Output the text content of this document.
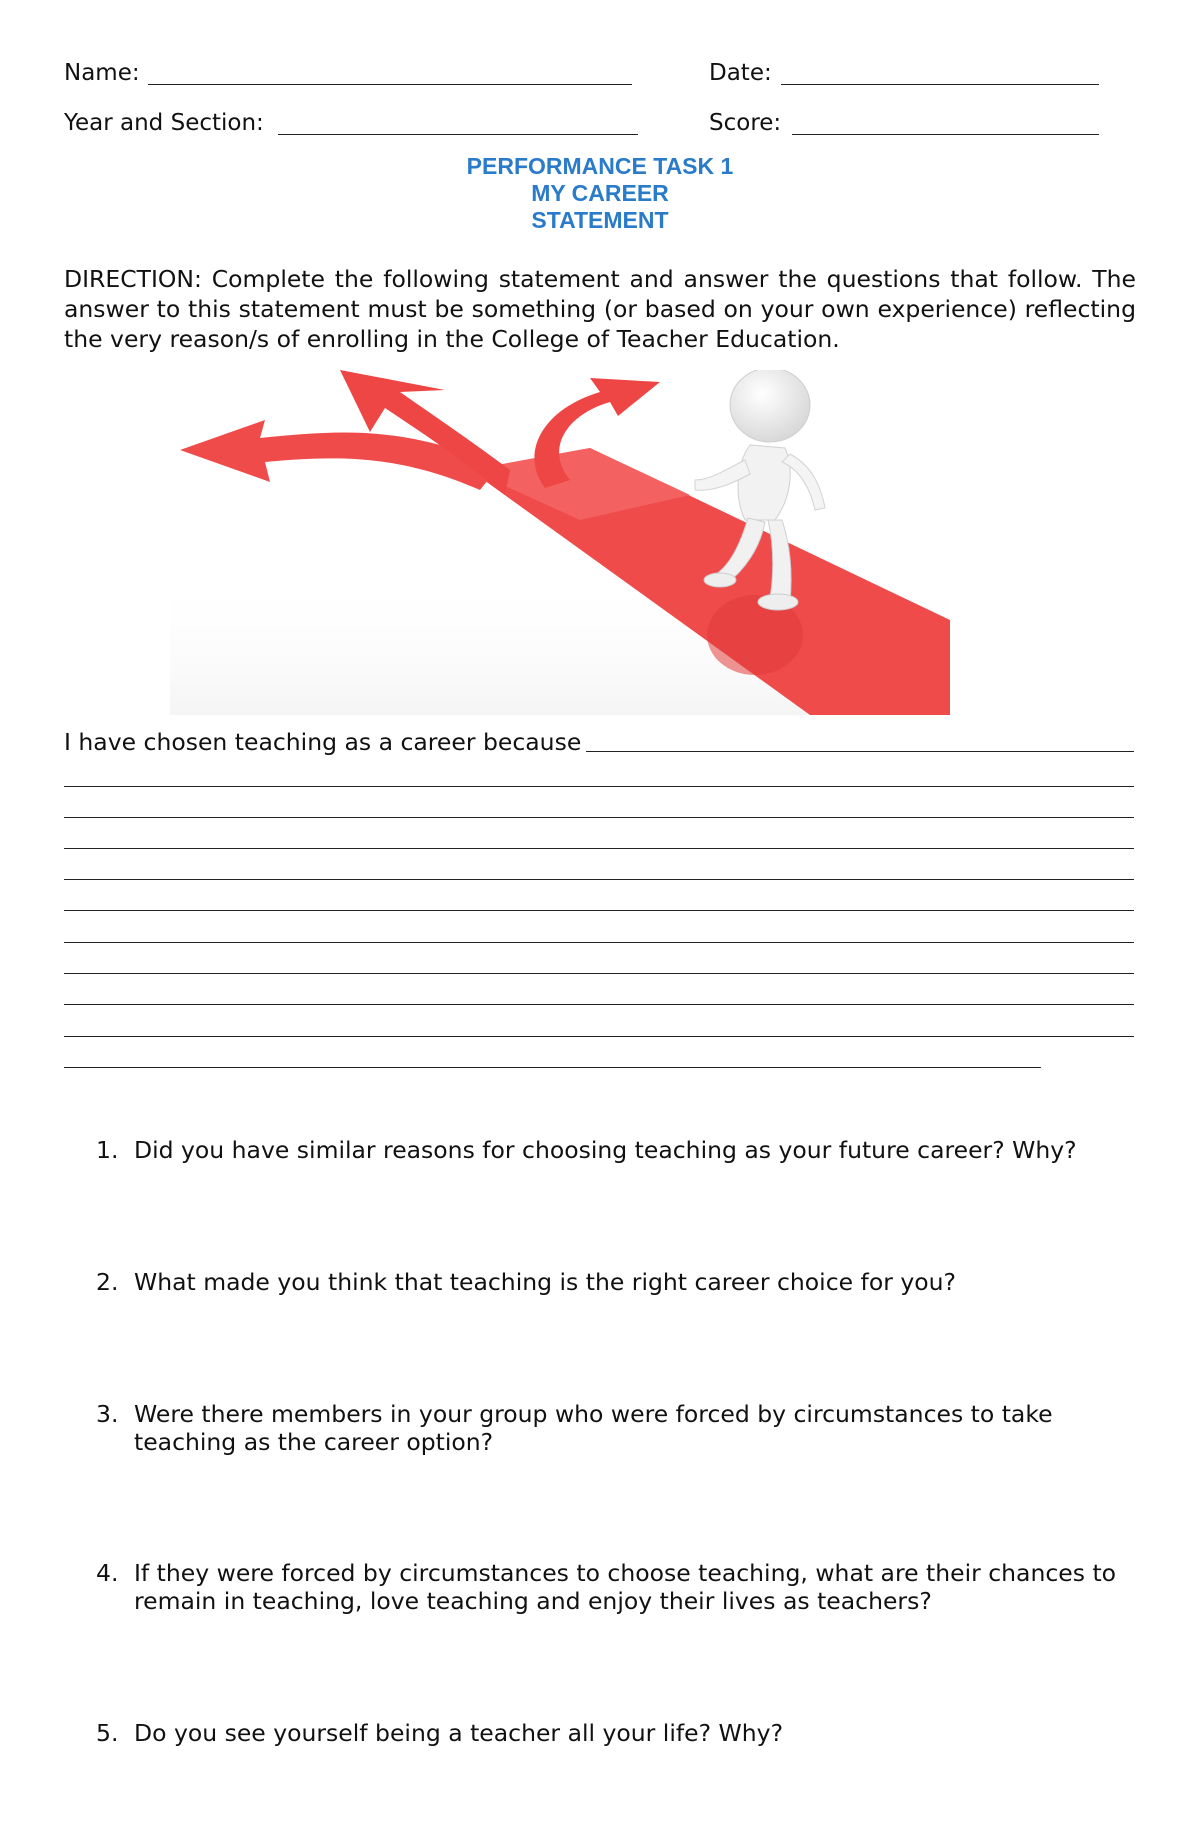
Name:	Date:
Year and Section:	Score:
PERFORMANCE TASK 1
MY CAREER
STATEMENT
DIRECTION: Complete the following statement and answer the questions that follow. The answer to this statement must be something (or based on your own experience) reflecting the very reason/s of enrolling in the College of Teacher Education.
I have chosen teaching as a career because
1. Did you have similar reasons for choosing teaching as your future career? Why?
2. What made you think that teaching is the right career choice for you?
3. Were there members in your group who were forced by circumstances to take teaching as the career option?
4. If they were forced by circumstances to choose teaching, what are their chances to remain in teaching, love teaching and enjoy their lives as teachers?
5. Do you see yourself being a teacher all your life? Why?
